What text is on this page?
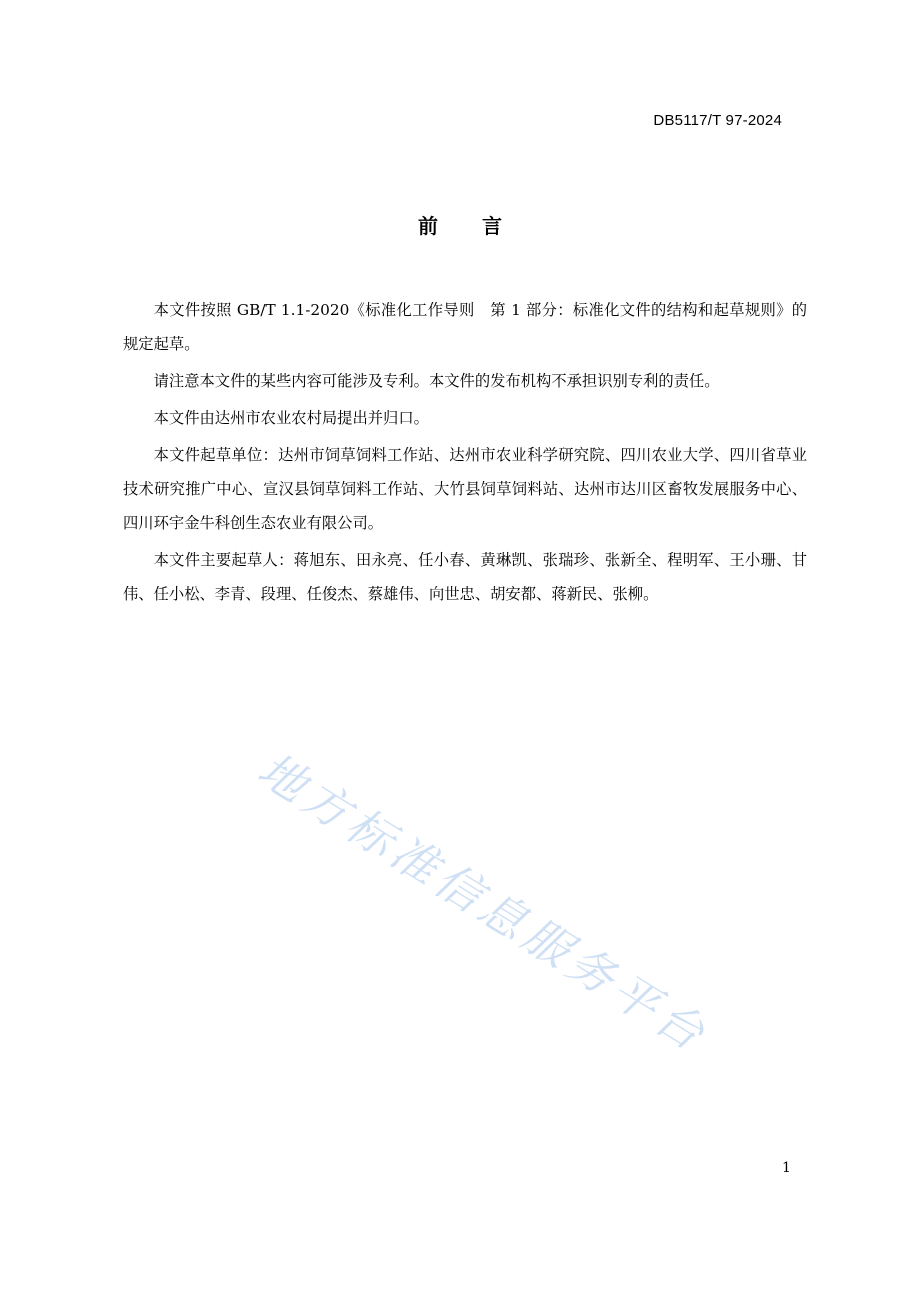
DB5117/T 97-2024
前言

本文件按照 GB/T 1.1-2020《标准化工作导则　第 1 部分：标准化文件的结构和起草规则》的规定起草。

请注意本文件的某些内容可能涉及专利。本文件的发布机构不承担识别专利的责任。

本文件由达州市农业农村局提出并归口。

本文件起草单位：达州市饲草饲料工作站、达州市农业科学研究院、四川农业大学、四川省草业技术研究推广中心、宣汉县饲草饲料工作站、大竹县饲草饲料站、达州市达川区畜牧发展服务中心、四川环宇金牛科创生态农业有限公司。

本文件主要起草人：蒋旭东、田永亮、任小春、黄琳凯、张瑞珍、张新全、程明军、王小珊、甘伟、任小松、李青、段理、任俊杰、蔡雄伟、向世忠、胡安都、蒋新民、张柳。

地方标准信息服务平台
1
